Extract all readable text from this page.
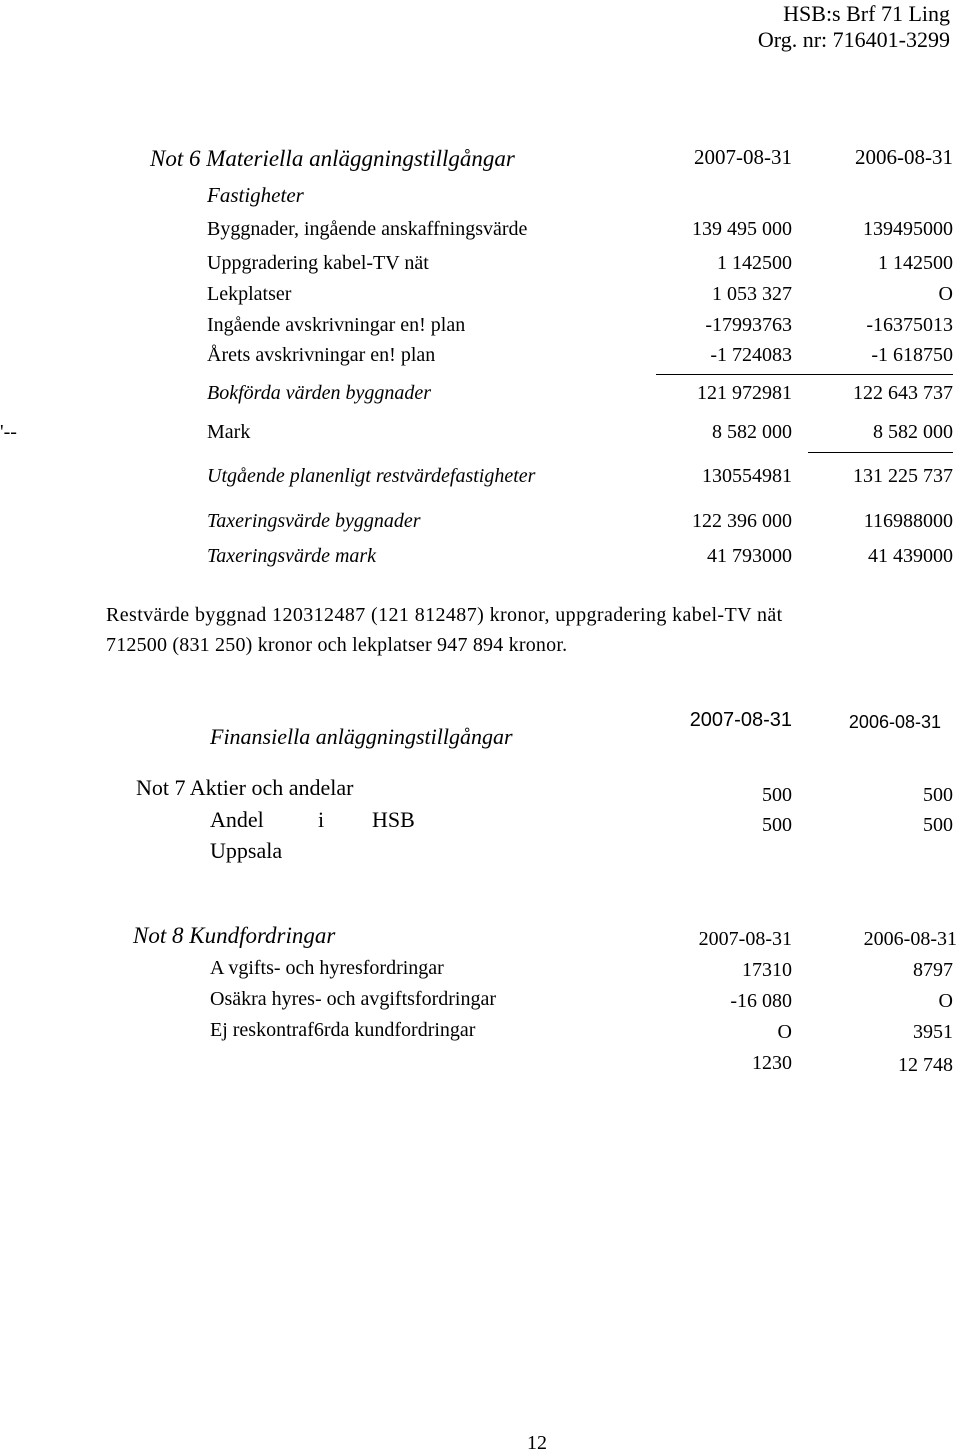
HSB:s Brf 71 Ling
Org. nr: 716401-3299
Not 6 Materiella anläggningstillgångar	2007-08-31	2006-08-31
Fastigheter
Byggnader, ingående anskaffningsvärde	139 495 000	139495000
Uppgradering kabel-TV nät	1 142500	1 142500
Lekplatser	1 053 327	O
Ingående avskrivningar en! plan	-17993763	-16375013
Årets avskrivningar en! plan	-1 724083	-1 618750
Bokförda värden byggnader	121 972981	122 643 737
'--	Mark	8 582 000	8 582 000
Utgående planenligt restvärdefastigheter	130554981	131 225 737
Taxeringsvärde byggnader	122 396 000	116988000
Taxeringsvärde mark	41 793000	41 439000
Restvärde byggnad 120312487 (121 812487) kronor, uppgradering kabel-TV nät
712500 (831 250) kronor och lekplatser 947 894 kronor.
Finansiella anläggningstillgångar
2007-08-31	2006-08-31
Not 7 Aktier och andelar	500	500
Andel i HSB
Uppsala
500	500
Not 8 Kundfordringar	2007-08-31	2006-08-31
A vgifts- och hyresfordringar	17310	8797
Osäkra hyres- och avgiftsfordringar	-16 080	O
Ej reskontraf6rda kundfordringar	O	3951
1230	12 748
12
